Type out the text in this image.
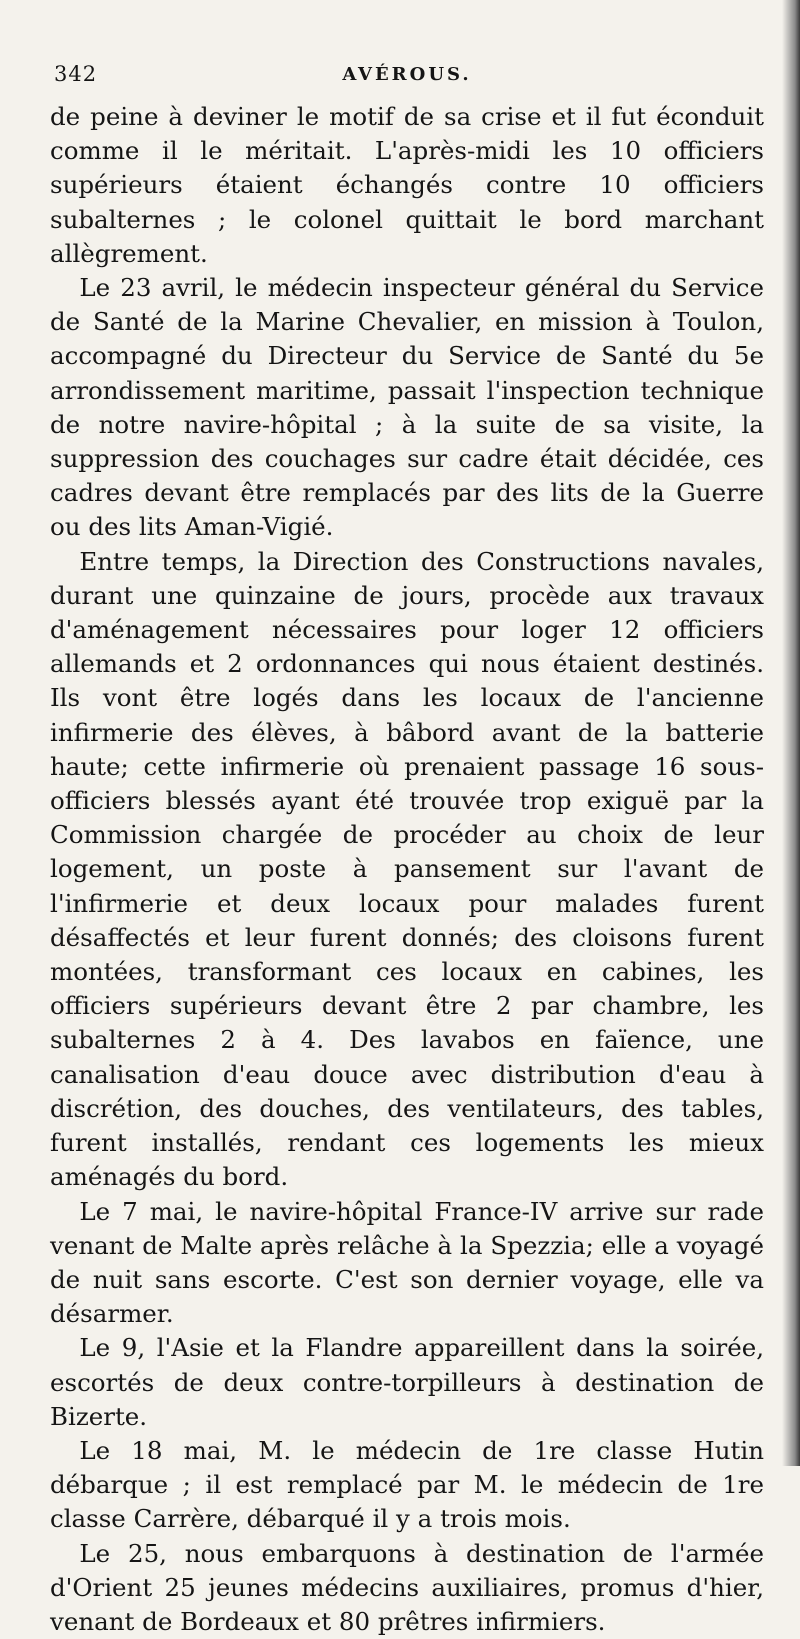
342	AVÉROUS.

de peine à deviner le motif de sa crise et il fut éconduit comme il le méritait. L'après-midi les 10 officiers supérieurs étaient échangés contre 10 officiers subalternes ; le colonel quittait le bord marchant allègrement.

Le 23 avril, le médecin inspecteur général du Service de Santé de la Marine Chevalier, en mission à Toulon, accompagné du Directeur du Service de Santé du 5e arrondissement maritime, passait l'inspection technique de notre navire-hôpital ; à la suite de sa visite, la suppression des couchages sur cadre était décidée, ces cadres devant être remplacés par des lits de la Guerre ou des lits Aman-Vigié.

Entre temps, la Direction des Constructions navales, durant une quinzaine de jours, procède aux travaux d'aménagement nécessaires pour loger 12 officiers allemands et 2 ordonnances qui nous étaient destinés. Ils vont être logés dans les locaux de l'ancienne infirmerie des élèves, à bâbord avant de la batterie haute; cette infirmerie où prenaient passage 16 sous-officiers blessés ayant été trouvée trop exiguë par la Commission chargée de procéder au choix de leur logement, un poste à pansement sur l'avant de l'infirmerie et deux locaux pour malades furent désaffectés et leur furent donnés; des cloisons furent montées, transformant ces locaux en cabines, les officiers supérieurs devant être 2 par chambre, les subalternes 2 à 4. Des lavabos en faïence, une canalisation d'eau douce avec distribution d'eau à discrétion, des douches, des ventilateurs, des tables, furent installés, rendant ces logements les mieux aménagés du bord.

Le 7 mai, le navire-hôpital France-IV arrive sur rade venant de Malte après relâche à la Spezzia; elle a voyagé de nuit sans escorte. C'est son dernier voyage, elle va désarmer.

Le 9, l'Asie et la Flandre appareillent dans la soirée, escortés de deux contre-torpilleurs à destination de Bizerte.

Le 18 mai, M. le médecin de 1re classe Hutin débarque ; il est remplacé par M. le médecin de 1re classe Carrère, débarqué il y a trois mois.

Le 25, nous embarquons à destination de l'armée d'Orient 25 jeunes médecins auxiliaires, promus d'hier, venant de Bordeaux et 80 prêtres infirmiers.
